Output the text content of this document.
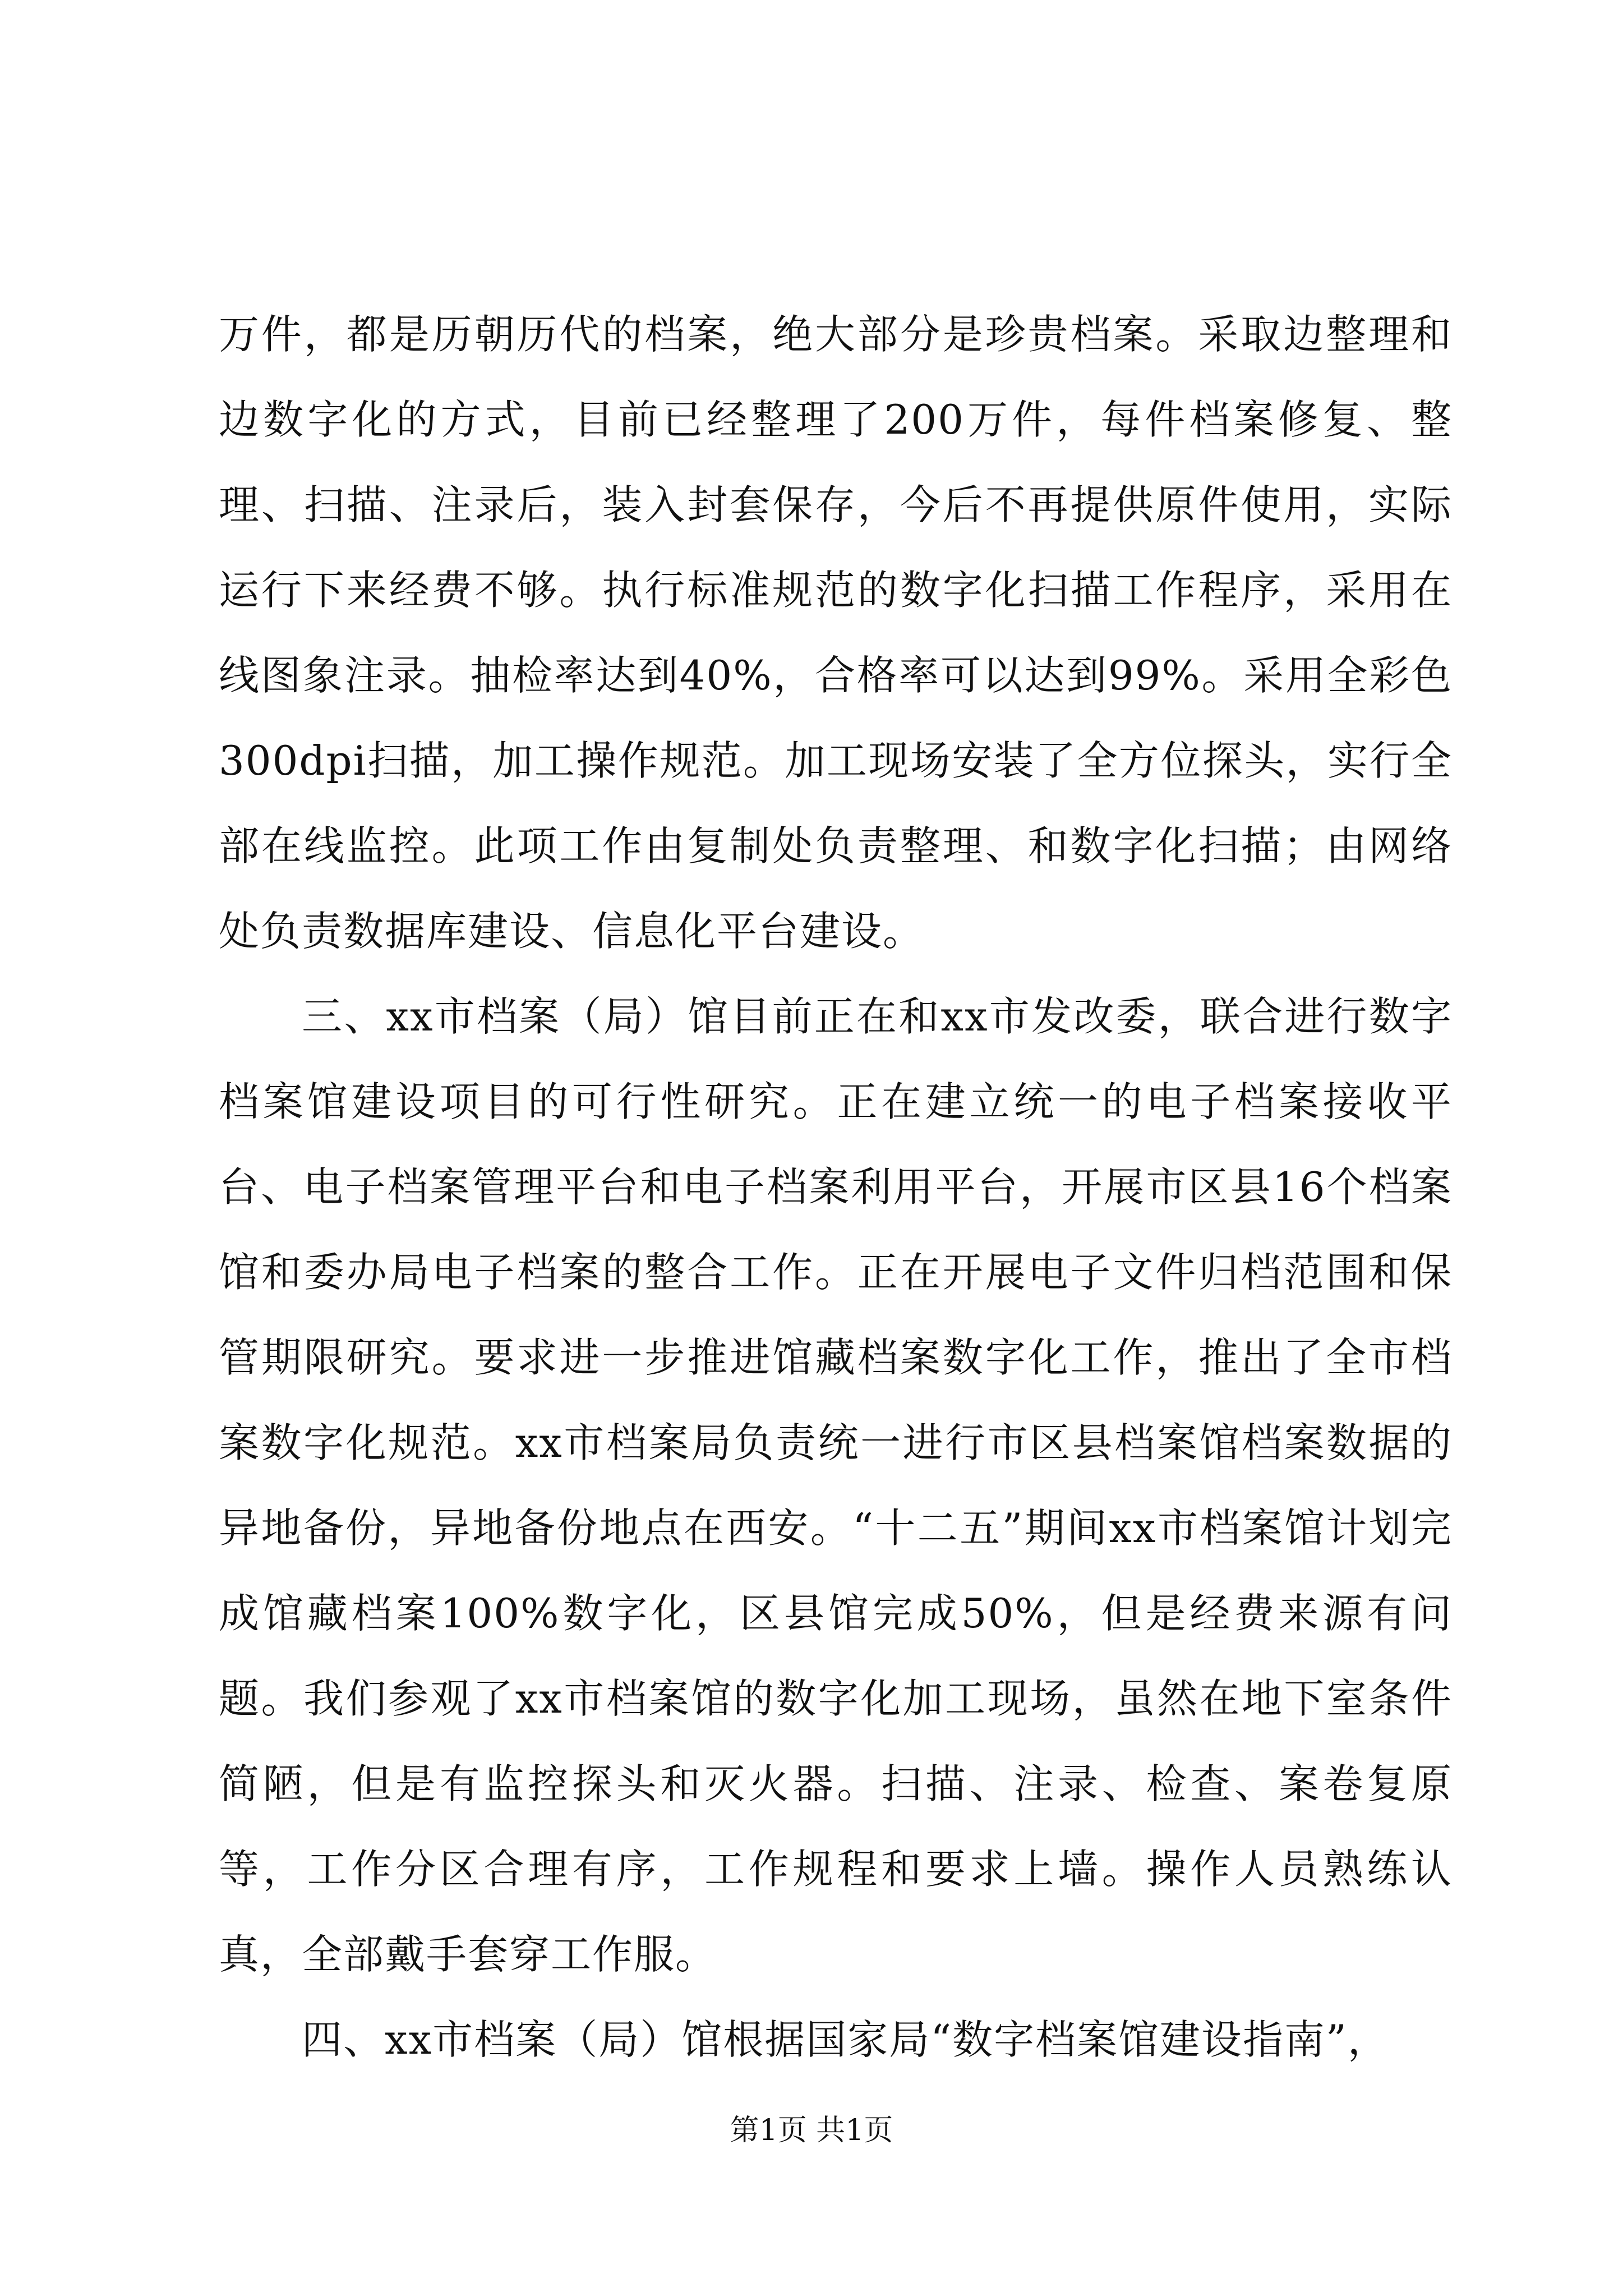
万件，都是历朝历代的档案，绝大部分是珍贵档案。采取边整理和边数字化的方式，目前已经整理了200万件，每件档案修复、整理、扫描、注录后，装入封套保存，今后不再提供原件使用，实际运行下来经费不够。执行标准规范的数字化扫描工作程序，采用在线图象注录。抽检率达到40%，合格率可以达到99%。采用全彩色300dpi扫描，加工操作规范。加工现场安装了全方位探头，实行全部在线监控。此项工作由复制处负责整理、和数字化扫描；由网络处负责数据库建设、信息化平台建设。

三、xx市档案（局）馆目前正在和xx市发改委，联合进行数字档案馆建设项目的可行性研究。正在建立统一的电子档案接收平台、电子档案管理平台和电子档案利用平台，开展市区县16个档案馆和委办局电子档案的整合工作。正在开展电子文件归档范围和保管期限研究。要求进一步推进馆藏档案数字化工作，推出了全市档案数字化规范。xx市档案局负责统一进行市区县档案馆档案数据的异地备份，异地备份地点在西安。“十二五”期间xx市档案馆计划完成馆藏档案100%数字化，区县馆完成50%，但是经费来源有问题。我们参观了xx市档案馆的数字化加工现场，虽然在地下室条件简陋，但是有监控探头和灭火器。扫描、注录、检查、案卷复原等，工作分区合理有序，工作规程和要求上墙。操作人员熟练认真，全部戴手套穿工作服。

四、xx市档案（局）馆根据国家局“数字档案馆建设指南”，

第1页 共1页
